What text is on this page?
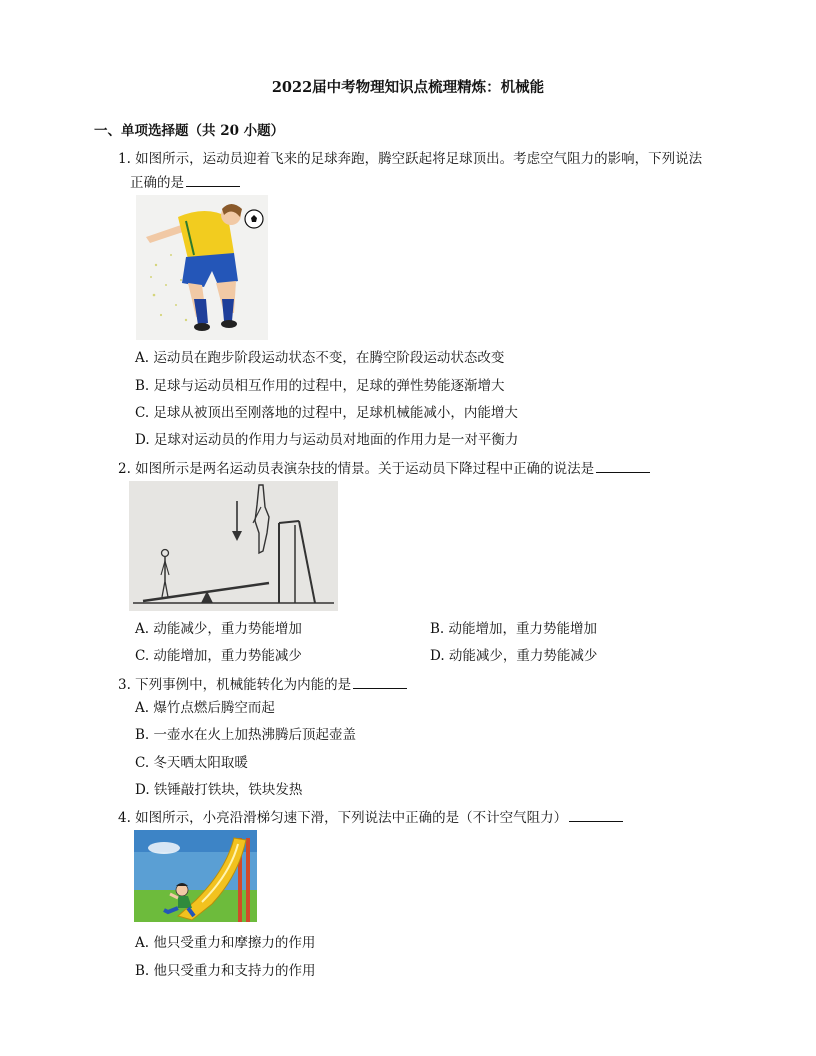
2022届中考物理知识点梳理精炼：机械能
一、单项选择题（共 20 小题）
1. 如图所示，运动员迎着飞来的足球奔跑，腾空跃起将足球顶出。考虑空气阻力的影响，下列说法
正确的是
A. 运动员在跑步阶段运动状态不变，在腾空阶段运动状态改变
B. 足球与运动员相互作用的过程中，足球的弹性势能逐渐增大
C. 足球从被顶出至刚落地的过程中，足球机械能减小，内能增大
D. 足球对运动员的作用力与运动员对地面的作用力是一对平衡力
2. 如图所示是两名运动员表演杂技的情景。关于运动员下降过程中正确的说法是
A. 动能减少，重力势能增加	B. 动能增加，重力势能增加
C. 动能增加，重力势能减少	D. 动能减少，重力势能减少
3. 下列事例中，机械能转化为内能的是
A. 爆竹点燃后腾空而起
B. 一壶水在火上加热沸腾后顶起壶盖
C. 冬天晒太阳取暖
D. 铁锤敲打铁块，铁块发热
4. 如图所示，小亮沿滑梯匀速下滑，下列说法中正确的是（不计空气阻力）
A. 他只受重力和摩擦力的作用
B. 他只受重力和支持力的作用
